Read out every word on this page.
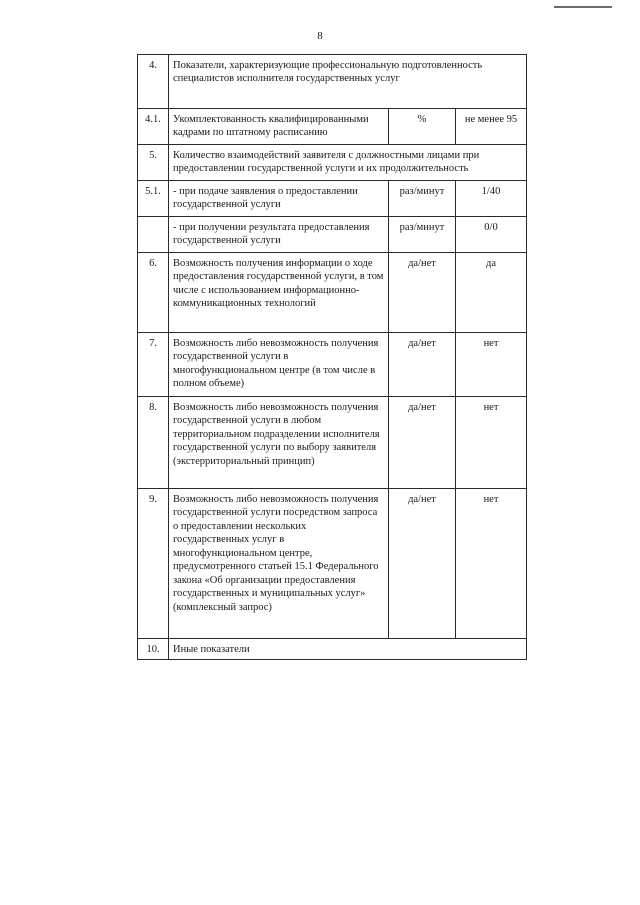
8
4.	Показатели, характеризующие профессиональную подготовленность специалистов исполнителя государственных услуг		
4.1.	Укомплектованность квалифицированными кадрами по штатному расписанию	%	не менее 95
5.	Количество взаимодействий заявителя с должностными лицами при предоставлении государственной услуги и их продолжительность		
5.1.	- при подаче заявления о предоставлении государственной услуги	раз/минут	1/40
	- при получении результата предоставления государственной услуги	раз/минут	0/0
6.	Возможность получения информации о ходе предоставления государственной услуги, в том числе с использованием информационно-коммуникационных технологий	да/нет	да
7.	Возможность либо невозможность получения государственной услуги в многофункциональном центре (в том числе в полном объеме)	да/нет	нет
8.	Возможность либо невозможность получения государственной услуги в любом территориальном подразделении исполнителя государственной услуги по выбору заявителя (экстерриториальный принцип)	да/нет	нет
9.	Возможность либо невозможность получения государственной услуги посредством запроса о предоставлении нескольких государственных услуг в многофункциональном центре, предусмотренного статьей 15.1 Федерального закона «Об организации предоставления государственных и муниципальных услуг» (комплексный запрос)	да/нет	нет
10.	Иные показатели		
